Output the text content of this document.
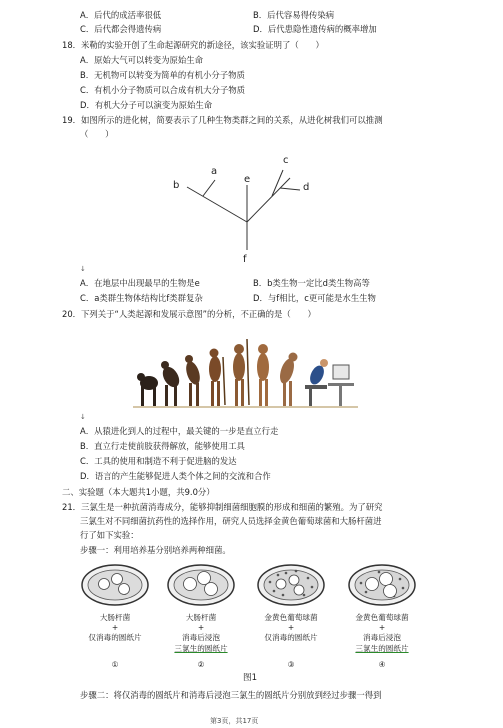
A．后代的成活率很低	B．后代容易得传染病
C．后代都会得遗传病	D．后代患隐性遗传病的概率增加
18．米勒的实验开创了生命起源研究的新途径，该实验证明了（　　）
A．原始大气可以转变为原始生命
B．无机物可以转变为简单的有机小分子物质
C．有机小分子物质可以合成有机大分子物质
D．有机大分子可以演变为原始生命
19．如图所示的进化树，简要表示了几种生物类群之间的关系，从进化树我们可以推测
（　　）
a
b
c
d
e
f
↓
A．在地层中出现最早的生物是e	B．b类生物一定比d类生物高等
C．a类群生物体结构比f类群复杂	D．与f相比，c更可能是水生生物
20．下列关于“人类起源和发展示意图”的分析，不正确的是（　　）
↓
A．从猿进化到人的过程中，最关键的一步是直立行走
B．直立行走使前肢获得解放，能够使用工具
C．工具的使用和制造不利于促进脑的发达
D．语言的产生能够促进人类个体之间的交流和合作
二、实验题（本大题共1小题，共9.0分）
21．三氯生是一种抗菌消毒成分，能够抑制细菌细胞膜的形成和细菌的繁殖。为了研究
三氯生对不同细菌抗药性的选择作用，研究人员选择金黄色葡萄球菌和大肠杆菌进
行了如下实验：
步骤一：利用培养基分别培养两种细菌。
大肠杆菌
+
仅消毒的圆纸片
①
大肠杆菌
+
消毒后浸泡
三氯生的圆纸片
②
金黄色葡萄球菌
+
仅消毒的圆纸片
③
金黄色葡萄球菌
+
消毒后浸泡
三氯生的圆纸片
④
图1
步骤二：将仅消毒的圆纸片和消毒后浸泡三氯生的圆纸片分别放到经过步骤一得到
第3页，共17页
